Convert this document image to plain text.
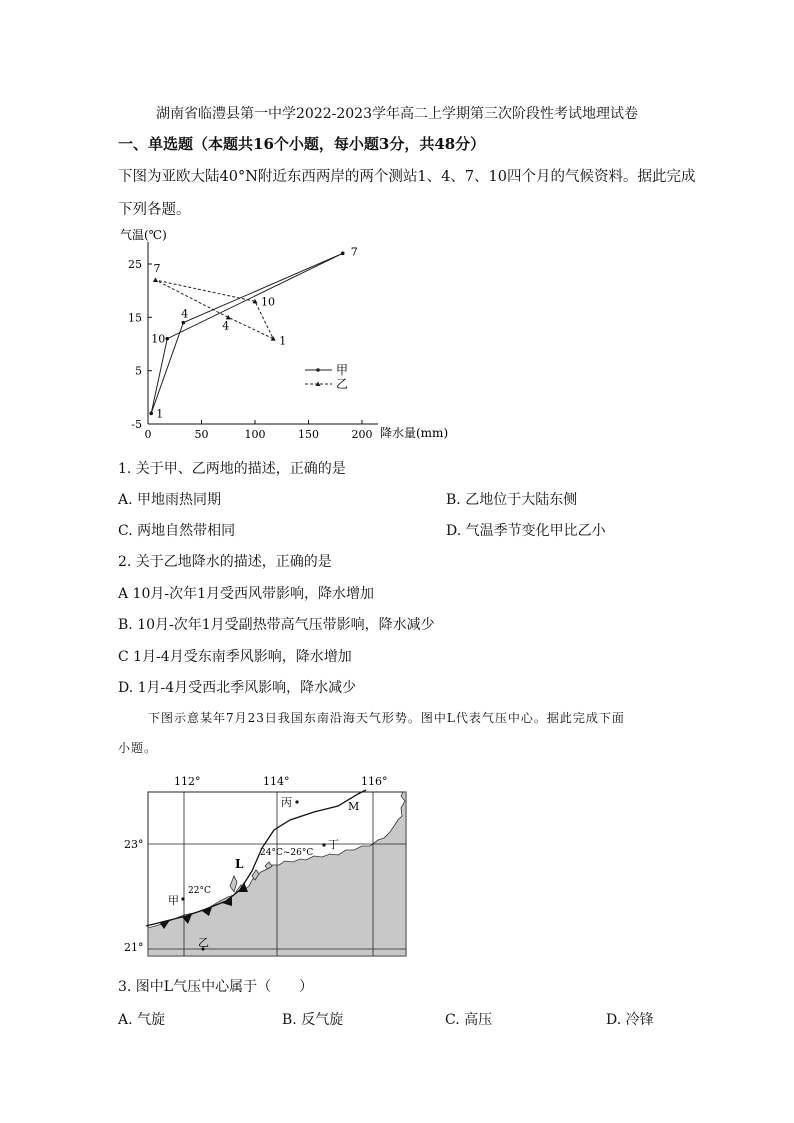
湖南省临澧县第一中学2022-2023学年高二上学期第三次阶段性考试地理试卷
一、单选题（本题共16个小题，每小题3分，共48分）
下图为亚欧大陆40°N附近东西两岸的两个测站1、4、7、10四个月的气候资料。据此完成
下列各题。
气温(℃)
降水量(mm)
0	50	100	150	200
-5
5
15
25
1
4
7
10	1
4
7
10
甲
乙
1. 关于甲、乙两地的描述，正确的是
A. 甲地雨热同期	B. 乙地位于大陆东侧
C. 两地自然带相同	D. 气温季节变化甲比乙小
2. 关于乙地降水的描述，正确的是
A 10月-次年1月受西风带影响，降水增加
B. 10月-次年1月受副热带高气压带影响，降水减少
C 1月-4月受东南季风影响，降水增加
D. 1月-4月受西北季风影响，降水减少
下图示意某年7月23日我国东南沿海天气形势。图中L代表气压中心。据此完成下面
小题。
112°	114°	116°
23°
21°
丙	M
丁
24°C~26°C
L
22°C
甲
乙
3. 图中L气压中心属于（　　）
A. 气旋	B. 反气旋	C. 高压	D. 冷锋
